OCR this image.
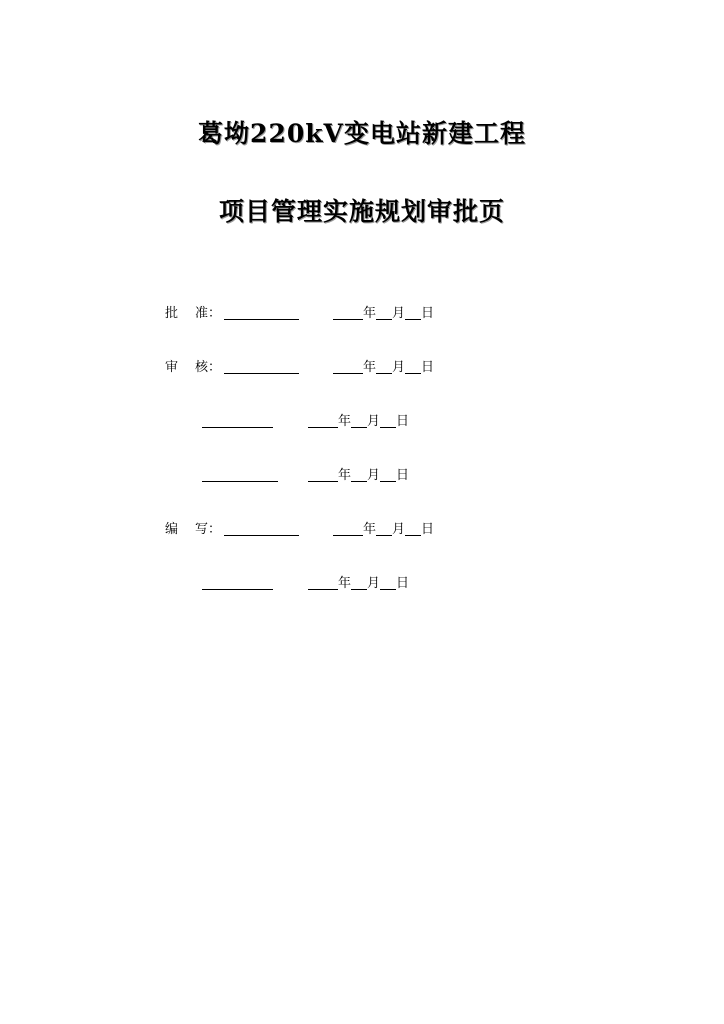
葛坳220kV变电站新建工程
项目管理实施规划审批页
批 准：	年 月 日
审 核：	年 月 日
年 月 日
年 月 日
编 写：	年 月 日
年 月 日
